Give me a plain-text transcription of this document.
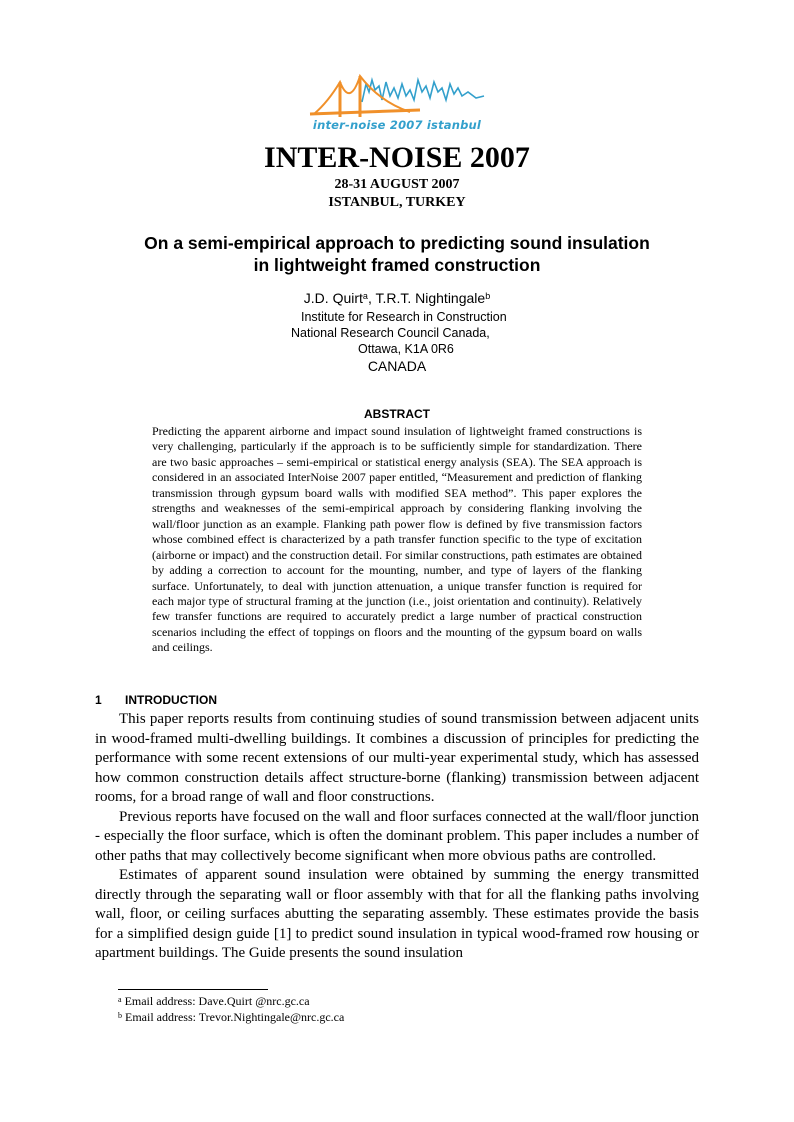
inter-noise 2007 istanbul
INTER-NOISE 2007
28-31 AUGUST 2007
ISTANBUL, TURKEY
On a semi-empirical approach to predicting sound insulation
in lightweight framed construction
J.D. Quirt$^a$, T.R.T. Nightingale$^b$
Institute for Research in Construction
National Research Council Canada,
Ottawa, K1A 0R6
CANADA
ABSTRACT

Predicting the apparent airborne and impact sound insulation of lightweight framed constructions is very challenging, particularly if the approach is to be sufficiently simple for standardization. There are two basic approaches – semi-empirical or statistical energy analysis (SEA). The SEA approach is considered in an associated InterNoise 2007 paper entitled, “Measurement and prediction of flanking transmission through gypsum board walls with modified SEA method”. This paper explores the strengths and weaknesses of the semi-empirical approach by considering flanking involving the wall/floor junction as an example. Flanking path power flow is defined by five transmission factors whose combined effect is characterized by a path transfer function specific to the type of excitation (airborne or impact) and the construction detail. For similar constructions, path estimates are obtained by adding a correction to account for the mounting, number, and type of layers of the flanking surface. Unfortunately, to deal with junction attenuation, a unique transfer function is required for each major type of structural framing at the junction (i.e., joist orientation and continuity). Relatively few transfer functions are required to accurately predict a large number of practical construction scenarios including the effect of toppings on floors and the mounting of the gypsum board on walls and ceilings.

1 INTRODUCTION

This paper reports results from continuing studies of sound transmission between adjacent units in wood-framed multi-dwelling buildings. It combines a discussion of principles for predicting the performance with some recent extensions of our multi-year experimental study, which has assessed how common construction details affect structure-borne (flanking) transmission between adjacent rooms, for a broad range of wall and floor constructions.

Previous reports have focused on the wall and floor surfaces connected at the wall/floor junction - especially the floor surface, which is often the dominant problem. This paper includes a number of other paths that may collectively become significant when more obvious paths are controlled.

Estimates of apparent sound insulation were obtained by summing the energy transmitted directly through the separating wall or floor assembly with that for all the flanking paths involving wall, floor, or ceiling surfaces abutting the separating assembly. These estimates provide the basis for a simplified design guide [1] to predict sound insulation in typical wood-framed row housing or apartment buildings. The Guide presents the sound insulation

$^a$ Email address: Dave.Quirt @nrc.gc.ca
$^b$ Email address: Trevor.Nightingale@nrc.gc.ca
